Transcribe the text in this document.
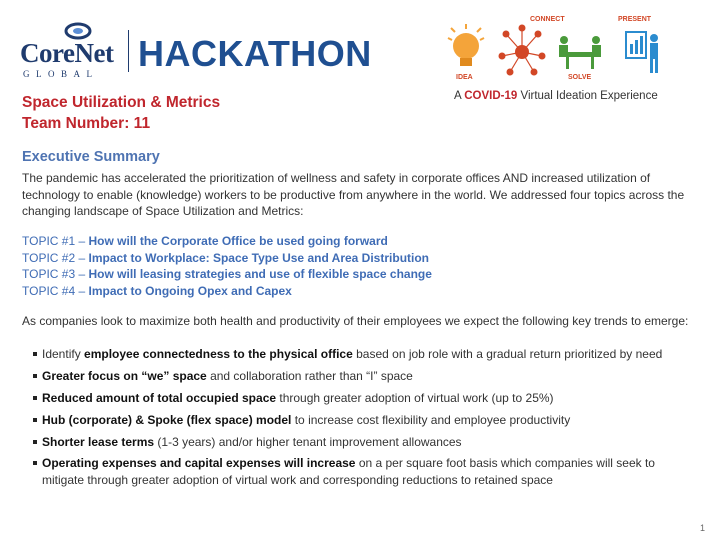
CoreNet
GLOBAL HACKATHON
CONNECT	PRESENT
IDEA	SOLVE
A COVID-19 Virtual Ideation Experience
Space Utilization & Metrics
Team Number: 11
Executive Summary
The pandemic has accelerated the prioritization of wellness and safety in corporate offices AND increased utilization of technology to enable (knowledge) workers to be productive from anywhere in the world. We addressed four topics across the changing landscape of Space Utilization and Metrics:
TOPIC #1 – How will the Corporate Office be used going forward
TOPIC #2 – Impact to Workplace: Space Type Use and Area Distribution
TOPIC #3 – How will leasing strategies and use of flexible space change
TOPIC #4 – Impact to Ongoing Opex and Capex
As companies look to maximize both health and productivity of their employees we expect the following key trends to emerge:
Identify employee connectedness to the physical office based on job role with a gradual return prioritized by need
Greater focus on “we” space and collaboration rather than “I” space
Reduced amount of total occupied space through greater adoption of virtual work (up to 25%)
Hub (corporate) & Spoke (flex space) model to increase cost flexibility and employee productivity
Shorter lease terms (1-3 years) and/or higher tenant improvement allowances
Operating expenses and capital expenses will increase on a per square foot basis which companies will seek to mitigate through greater adoption of virtual work and corresponding reductions to retained space
1
